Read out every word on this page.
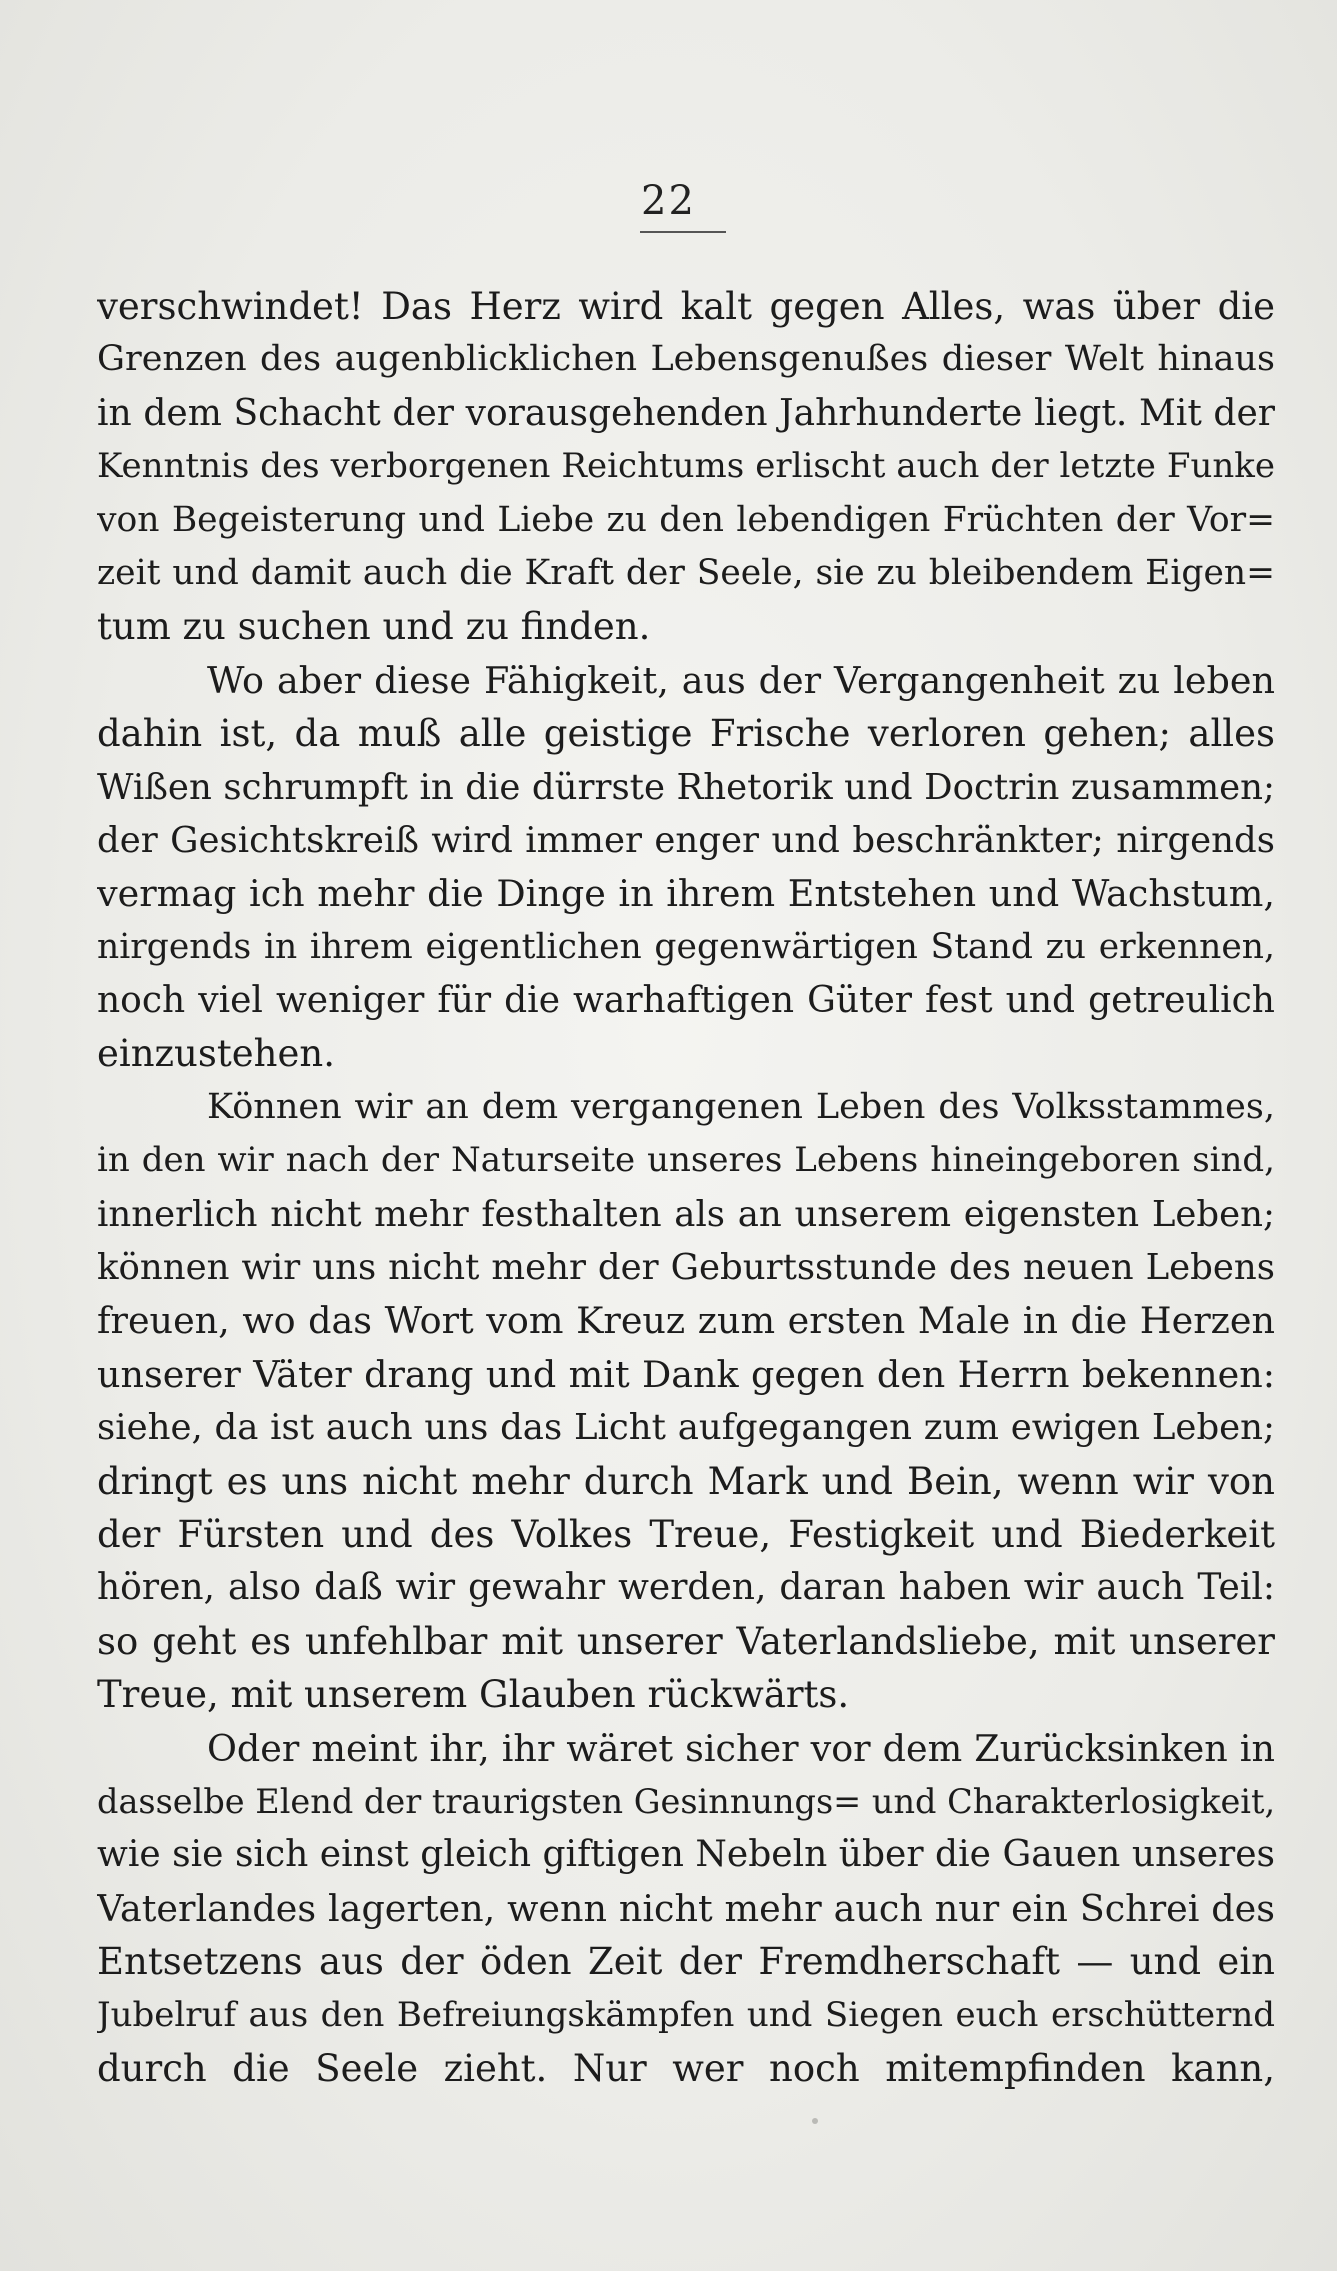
22
verschwindet! Das Herz wird kalt gegen Alles, was über die
Grenzen des augenblicklichen Lebensgenußes dieser Welt hinaus
in dem Schacht der vorausgehenden Jahrhunderte liegt. Mit der
Kenntnis des verborgenen Reichtums erlischt auch der letzte Funke
von Begeisterung und Liebe zu den lebendigen Früchten der Vor=
zeit und damit auch die Kraft der Seele, sie zu bleibendem Eigen=
tum zu suchen und zu finden.
Wo aber diese Fähigkeit, aus der Vergangenheit zu leben
dahin ist, da muß alle geistige Frische verloren gehen; alles
Wißen schrumpft in die dürrste Rhetorik und Doctrin zusammen;
der Gesichtskreiß wird immer enger und beschränkter; nirgends
vermag ich mehr die Dinge in ihrem Entstehen und Wachstum,
nirgends in ihrem eigentlichen gegenwärtigen Stand zu erkennen,
noch viel weniger für die warhaftigen Güter fest und getreulich
einzustehen.
Können wir an dem vergangenen Leben des Volksstammes,
in den wir nach der Naturseite unseres Lebens hineingeboren sind,
innerlich nicht mehr festhalten als an unserem eigensten Leben;
können wir uns nicht mehr der Geburtsstunde des neuen Lebens
freuen, wo das Wort vom Kreuz zum ersten Male in die Herzen
unserer Väter drang und mit Dank gegen den Herrn bekennen:
siehe, da ist auch uns das Licht aufgegangen zum ewigen Leben;
dringt es uns nicht mehr durch Mark und Bein, wenn wir von
der Fürsten und des Volkes Treue, Festigkeit und Biederkeit
hören, also daß wir gewahr werden, daran haben wir auch Teil:
so geht es unfehlbar mit unserer Vaterlandsliebe, mit unserer
Treue, mit unserem Glauben rückwärts.
Oder meint ihr, ihr wäret sicher vor dem Zurücksinken in
dasselbe Elend der traurigsten Gesinnungs= und Charakterlosigkeit,
wie sie sich einst gleich giftigen Nebeln über die Gauen unseres
Vaterlandes lagerten, wenn nicht mehr auch nur ein Schrei des
Entsetzens aus der öden Zeit der Fremdherschaft — und ein
Jubelruf aus den Befreiungskämpfen und Siegen euch erschütternd
durch die Seele zieht. Nur wer noch mitempfinden kann,
